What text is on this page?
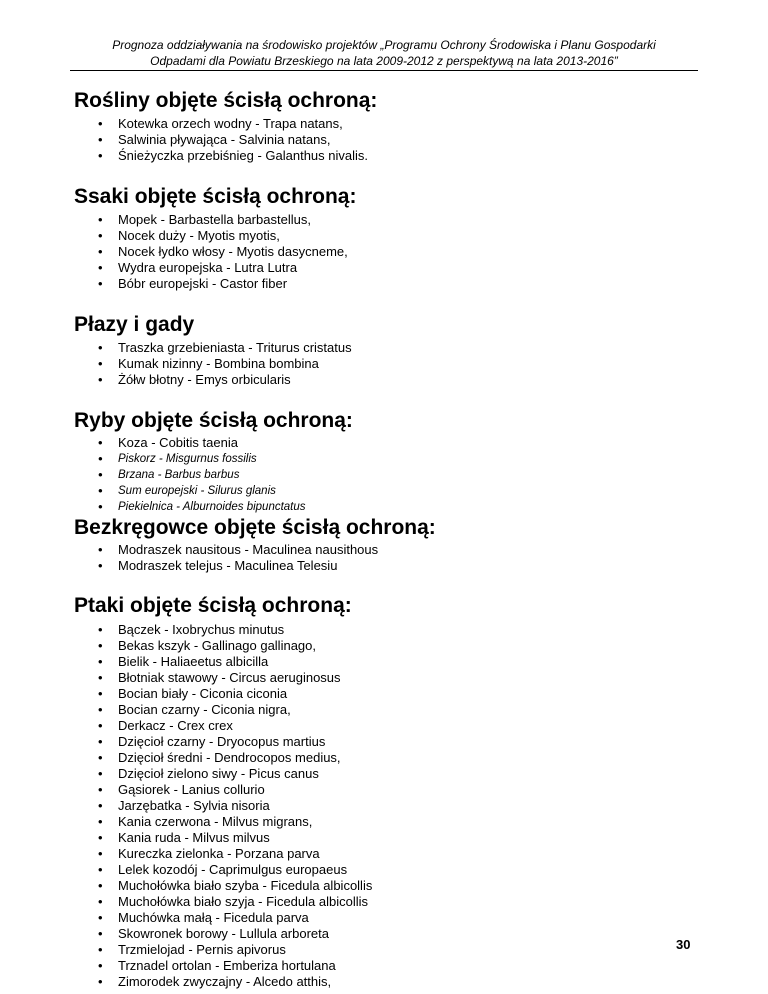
Prognoza oddziaływania na środowisko projektów „Programu Ochrony Środowiska i Planu Gospodarki
Odpadami dla Powiatu Brzeskiego na lata 2009-2012 z perspektywą na lata 2013-2016”
Rośliny objęte ścisłą ochroną:
• Kotewka orzech wodny - Trapa natans,
• Salwinia pływająca - Salvinia natans,
• Śnieżyczka przebiśnieg - Galanthus nivalis.
Ssaki objęte ścisłą ochroną:
• Mopek - Barbastella barbastellus,
• Nocek duży - Myotis myotis,
• Nocek łydko włosy - Myotis dasycneme,
• Wydra europejska - Lutra Lutra
• Bóbr europejski - Castor fiber
Płazy i gady
• Traszka grzebieniasta - Triturus cristatus
• Kumak nizinny - Bombina bombina
• Żółw błotny - Emys orbicularis
Ryby objęte ścisłą ochroną:
• Koza - Cobitis taenia
• Piskorz - Misgurnus fossilis
• Brzana - Barbus barbus
• Sum europejski - Silurus glanis
• Piekielnica - Alburnoides bipunctatus
Bezkręgowce objęte ścisłą ochroną:
• Modraszek nausitous - Maculinea nausithous
• Modraszek telejus - Maculinea Telesiu
Ptaki objęte ścisłą ochroną:
• Bączek - Ixobrychus minutus
• Bekas kszyk - Gallinago gallinago,
• Bielik - Haliaeetus albicilla
• Błotniak stawowy - Circus aeruginosus
• Bocian biały - Ciconia ciconia
• Bocian czarny - Ciconia nigra,
• Derkacz - Crex crex
• Dzięcioł czarny - Dryocopus martius
• Dzięcioł średni - Dendrocopos medius,
• Dzięcioł zielono siwy - Picus canus
• Gąsiorek - Lanius collurio
• Jarzębatka - Sylvia nisoria
• Kania czerwona - Milvus migrans,
• Kania ruda - Milvus milvus
• Kureczka zielonka - Porzana parva
• Lelek kozodój - Caprimulgus europaeus
• Muchołówka biało szyba - Ficedula albicollis
• Muchołówka biało szyja - Ficedula albicollis
• Muchówka małą - Ficedula parva
• Skowronek borowy - Lullula arboreta
• Trzmielojad - Pernis apivorus
• Trznadel ortolan - Emberiza hortulana
• Zimorodek zwyczajny - Alcedo atthis,
30
